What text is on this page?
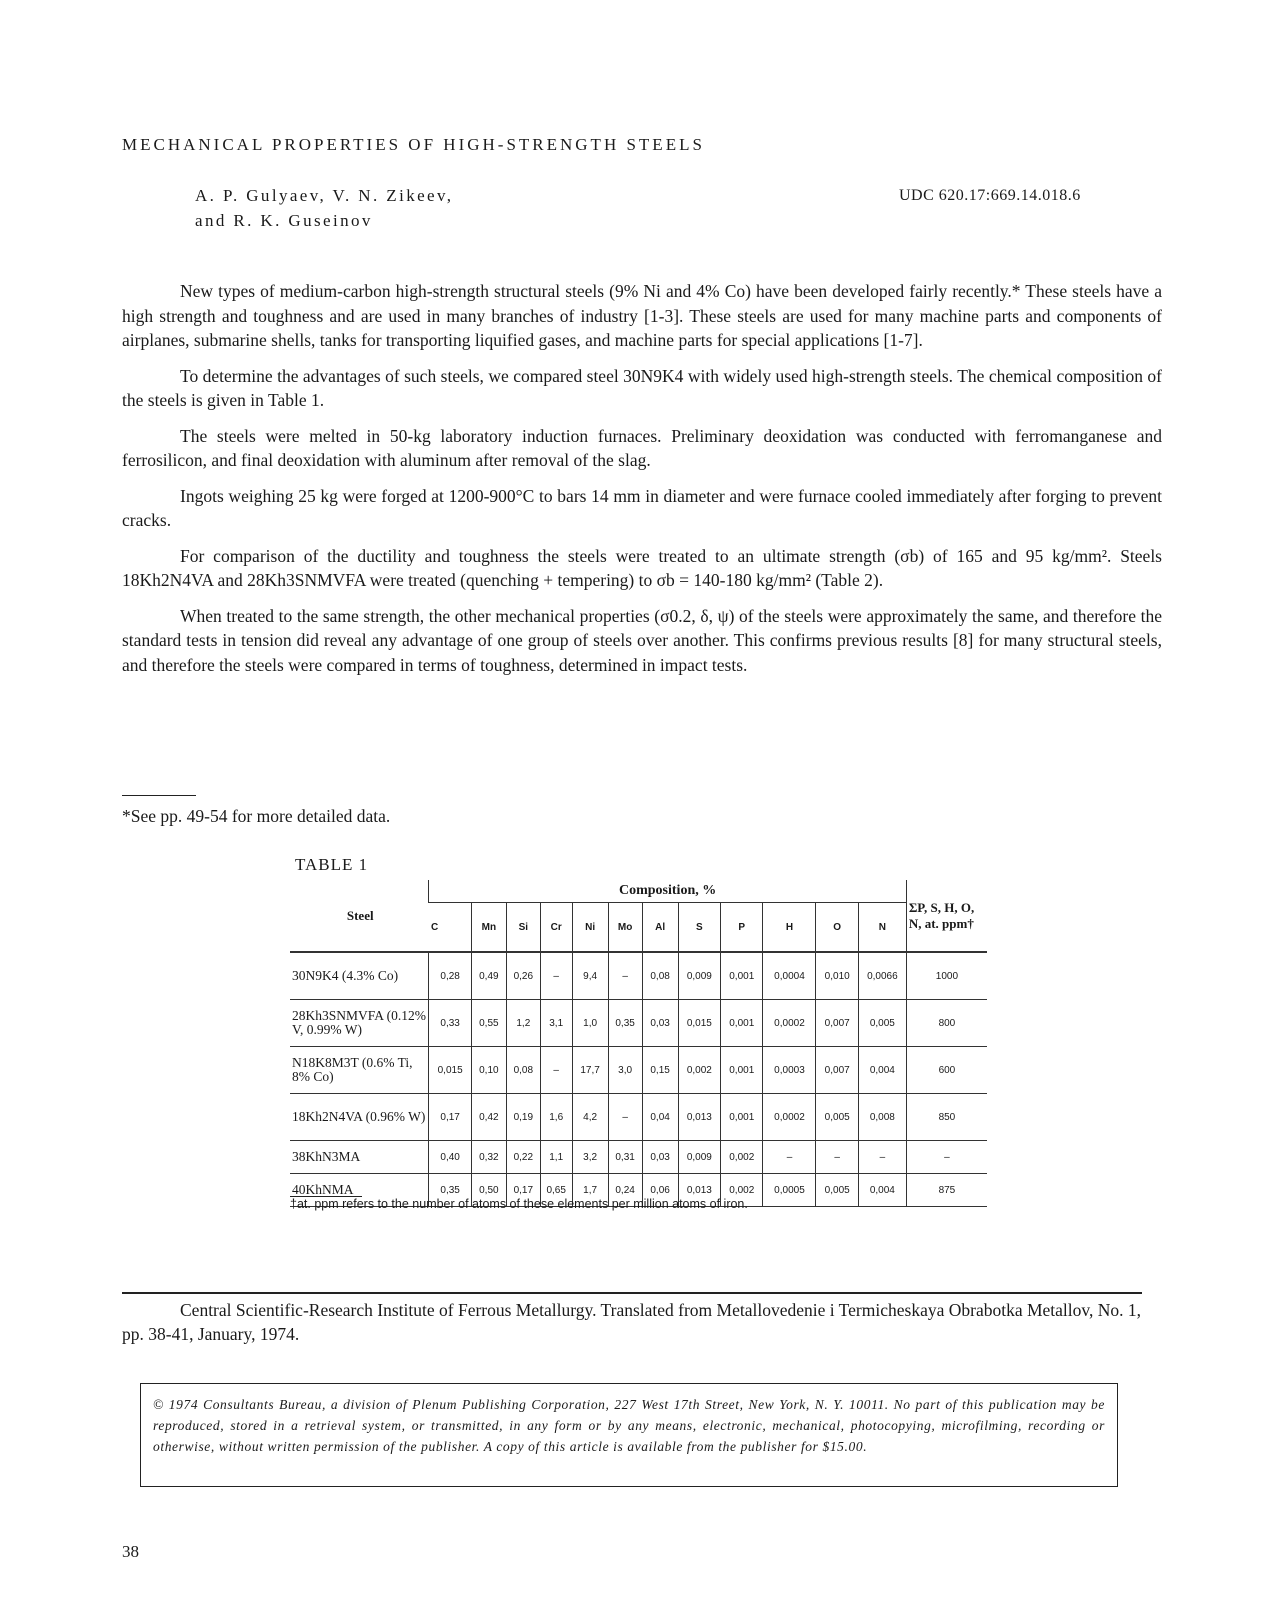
MECHANICAL PROPERTIES OF HIGH-STRENGTH STEELS
A. P. Gulyaev, V. N. Zikeev,
and R. K. Guseinov
UDC 620.17:669.14.018.6

New types of medium-carbon high-strength structural steels (9% Ni and 4% Co) have been developed fairly recently.* These steels have a high strength and toughness and are used in many branches of industry [1-3]. These steels are used for many machine parts and components of airplanes, submarine shells, tanks for transporting liquified gases, and machine parts for special applications [1-7].

To determine the advantages of such steels, we compared steel 30N9K4 with widely used high-strength steels. The chemical composition of the steels is given in Table 1.

The steels were melted in 50-kg laboratory induction furnaces. Preliminary deoxidation was conducted with ferromanganese and ferrosilicon, and final deoxidation with aluminum after removal of the slag.

Ingots weighing 25 kg were forged at 1200-900°C to bars 14 mm in diameter and were furnace cooled immediately after forging to prevent cracks.

For comparison of the ductility and toughness the steels were treated to an ultimate strength (σb) of 165 and 95 kg/mm². Steels 18Kh2N4VA and 28Kh3SNMVFA were treated (quenching + tempering) to σb = 140-180 kg/mm² (Table 2).

When treated to the same strength, the other mechanical properties (σ0.2, δ, ψ) of the steels were approximately the same, and therefore the standard tests in tension did reveal any advantage of one group of steels over another. This confirms previous results [8] for many structural steels, and therefore the steels were compared in terms of toughness, determined in impact tests.

*See pp. 49-54 for more detailed data.
TABLE 1
Steel	Composition, %												ΣP, S, H, O, N, at. ppm†
	C	Mn	Si	Cr	Ni	Mo	Al	S	P	H	O	N	
30N9K4 (4.3% Co)	0,28	0,49	0,26	–	9,4	–	0,08	0,009	0,001	0,0004	0,010	0,0066	1000
28Kh3SNMVFA (0.12% V, 0.99% W)	0,33	0,55	1,2	3,1	1,0	0,35	0,03	0,015	0,001	0,0002	0,007	0,005	800
N18K8M3T (0.6% Ti, 8% Co)	0,015	0,10	0,08	–	17,7	3,0	0,15	0,002	0,001	0,0003	0,007	0,004	600
18Kh2N4VA (0.96% W)	0,17	0,42	0,19	1,6	4,2	–	0,04	0,013	0,001	0,0002	0,005	0,008	850
38KhN3MA	0,40	0,32	0,22	1,1	3,2	0,31	0,03	0,009	0,002	–	–	–	–
40KhNMA	0,35	0,50	0,17	0,65	1,7	0,24	0,06	0,013	0,002	0,0005	0,005	0,004	875
†at. ppm refers to the number of atoms of these elements per million atoms of iron.
Central Scientific-Research Institute of Ferrous Metallurgy. Translated from Metallovedenie i Termicheskaya Obrabotka Metallov, No. 1, pp. 38-41, January, 1974.
© 1974 Consultants Bureau, a division of Plenum Publishing Corporation, 227 West 17th Street, New York, N. Y. 10011. No part of this publication may be reproduced, stored in a retrieval system, or transmitted, in any form or by any means, electronic, mechanical, photocopying, microfilming, recording or otherwise, without written permission of the publisher. A copy of this article is available from the publisher for $15.00.
38
